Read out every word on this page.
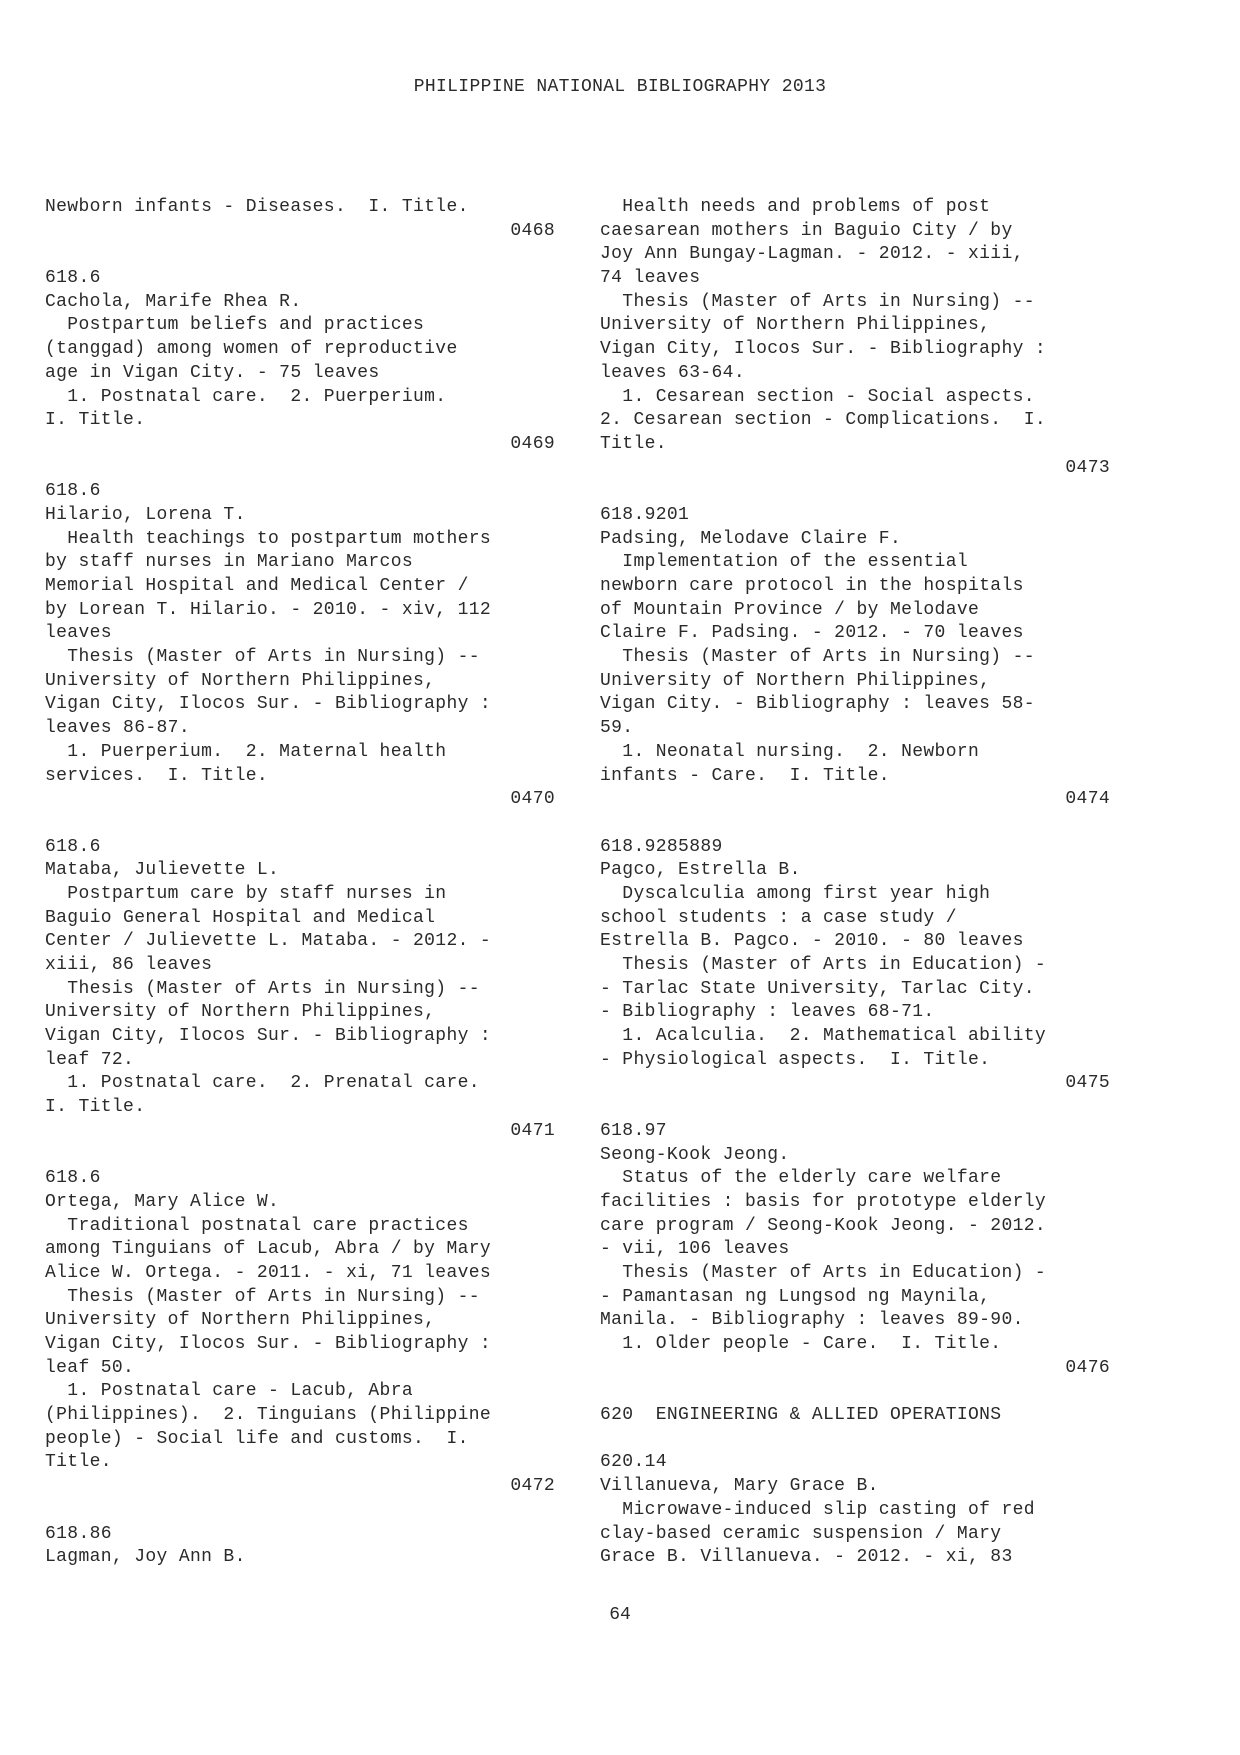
PHILIPPINE NATIONAL BIBLIOGRAPHY 2013
Newborn infants - Diseases.  I. Title.
0468
618.6
Cachola, Marife Rhea R.
Postpartum beliefs and practices
(tanggad) among women of reproductive
age in Vigan City. - 75 leaves
1. Postnatal care.  2. Puerperium.
I. Title.
0469
618.6
Hilario, Lorena T.
Health teachings to postpartum mothers
by staff nurses in Mariano Marcos
Memorial Hospital and Medical Center /
by Lorean T. Hilario. - 2010. - xiv, 112
leaves
Thesis (Master of Arts in Nursing) --
University of Northern Philippines,
Vigan City, Ilocos Sur. - Bibliography :
leaves 86-87.
1. Puerperium.  2. Maternal health
services.  I. Title.
0470
618.6
Mataba, Julievette L.
Postpartum care by staff nurses in
Baguio General Hospital and Medical
Center / Julievette L. Mataba. - 2012. -
xiii, 86 leaves
Thesis (Master of Arts in Nursing) --
University of Northern Philippines,
Vigan City, Ilocos Sur. - Bibliography :
leaf 72.
1. Postnatal care.  2. Prenatal care.
I. Title.
0471
618.6
Ortega, Mary Alice W.
Traditional postnatal care practices
among Tinguians of Lacub, Abra / by Mary
Alice W. Ortega. - 2011. - xi, 71 leaves
Thesis (Master of Arts in Nursing) --
University of Northern Philippines,
Vigan City, Ilocos Sur. - Bibliography :
leaf 50.
1. Postnatal care - Lacub, Abra
(Philippines).  2. Tinguians (Philippine
people) - Social life and customs.  I.
Title.
0472
618.86
Lagman, Joy Ann B.
Health needs and problems of post
caesarean mothers in Baguio City / by
Joy Ann Bungay-Lagman. - 2012. - xiii,
74 leaves
Thesis (Master of Arts in Nursing) --
University of Northern Philippines,
Vigan City, Ilocos Sur. - Bibliography :
leaves 63-64.
1. Cesarean section - Social aspects.
2. Cesarean section - Complications.  I.
Title.
0473
618.9201
Padsing, Melodave Claire F.
Implementation of the essential
newborn care protocol in the hospitals
of Mountain Province / by Melodave
Claire F. Padsing. - 2012. - 70 leaves
Thesis (Master of Arts in Nursing) --
University of Northern Philippines,
Vigan City. - Bibliography : leaves 58-
59.
1. Neonatal nursing.  2. Newborn
infants - Care.  I. Title.
0474
618.9285889
Pagco, Estrella B.
Dyscalculia among first year high
school students : a case study /
Estrella B. Pagco. - 2010. - 80 leaves
Thesis (Master of Arts in Education) -
- Tarlac State University, Tarlac City.
- Bibliography : leaves 68-71.
1. Acalculia.  2. Mathematical ability
- Physiological aspects.  I. Title.
0475
618.97
Seong-Kook Jeong.
Status of the elderly care welfare
facilities : basis for prototype elderly
care program / Seong-Kook Jeong. - 2012.
- vii, 106 leaves
Thesis (Master of Arts in Education) -
- Pamantasan ng Lungsod ng Maynila,
Manila. - Bibliography : leaves 89-90.
1. Older people - Care.  I. Title.
0476
620  ENGINEERING & ALLIED OPERATIONS
620.14
Villanueva, Mary Grace B.
Microwave-induced slip casting of red
clay-based ceramic suspension / Mary
Grace B. Villanueva. - 2012. - xi, 83
64
